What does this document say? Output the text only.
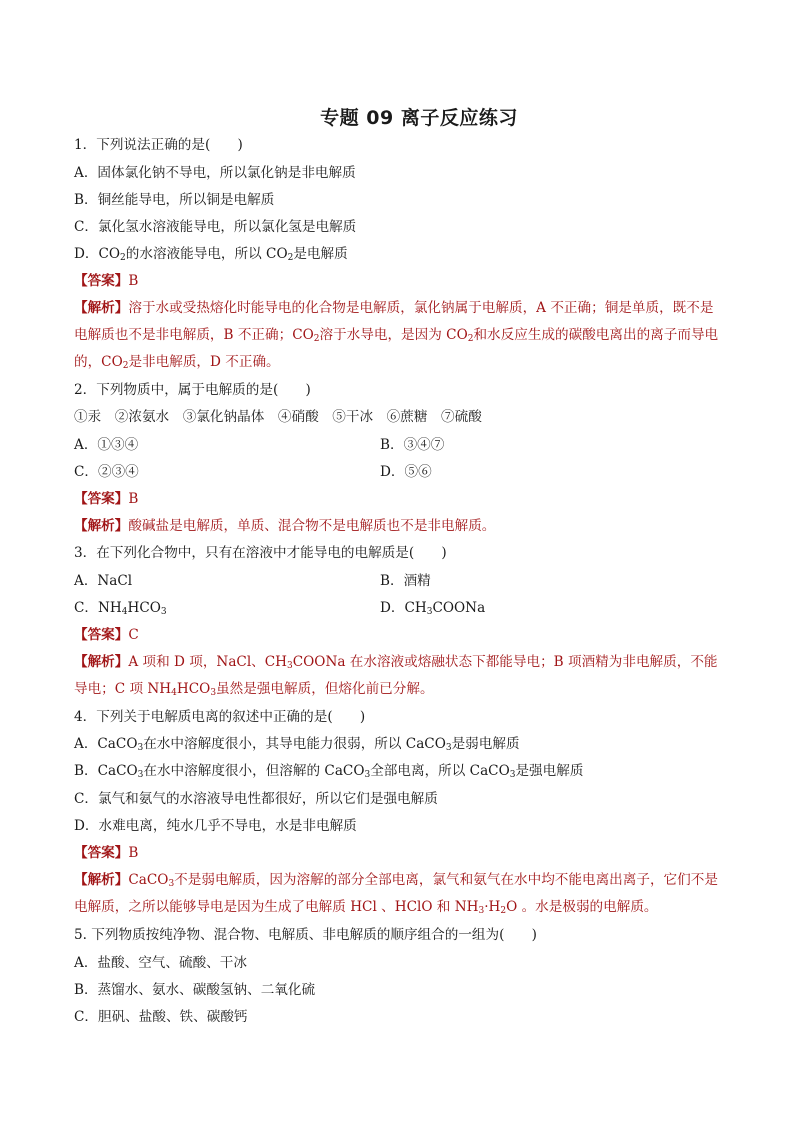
专题 09 离子反应练习
1．下列说法正确的是(　　)
A．固体氯化钠不导电，所以氯化钠是非电解质
B．铜丝能导电，所以铜是电解质
C．氯化氢水溶液能导电，所以氯化氢是电解质
D．$CO_2$的水溶液能导电，所以 $CO_2$是电解质
【答案】B
【解析】溶于水或受热熔化时能导电的化合物是电解质，氯化钠属于电解质，A 不正确；铜是单质，既不是电解质也不是非电解质，B 不正确；$CO_2$溶于水导电，是因为 $CO_2$和水反应生成的碳酸电离出的离子而导电的，$CO_2$是非电解质，D 不正确。
2．下列物质中，属于电解质的是(　　)
①汞　②浓氨水　③氯化钠晶体　④硝酸　⑤干冰　⑥蔗糖　⑦硫酸
A．①③④	B．③④⑦
C．②③④	D．⑤⑥
【答案】B
【解析】酸碱盐是电解质，单质、混合物不是电解质也不是非电解质。
3．在下列化合物中，只有在溶液中才能导电的电解质是(　　)
A．NaCl	B．酒精
C．$NH_4HCO_3$	D．$CH_3COONa$
【答案】C
【解析】A 项和 D 项，NaCl、$CH_3COONa$ 在水溶液或熔融状态下都能导电；B 项酒精为非电解质，不能导电；C 项 $NH_4HCO_3$虽然是强电解质，但熔化前已分解。
4．下列关于电解质电离的叙述中正确的是(　　)
A．CaCO$_3$在水中溶解度很小，其导电能力很弱，所以 CaCO$_3$是弱电解质
B．CaCO$_3$在水中溶解度很小，但溶解的 CaCO$_3$全部电离，所以 CaCO$_3$是强电解质
C．氯气和氨气的水溶液导电性都很好，所以它们是强电解质
D．水难电离，纯水几乎不导电，水是非电解质
【答案】B
【解析】CaCO$_3$不是弱电解质，因为溶解的部分全部电离，氯气和氨气在水中均不能电离出离子，它们不是电解质，之所以能够导电是因为生成了电解质 HCl 、HClO 和 $NH_3\cdot H_2O$ 。水是极弱的电解质。
5. 下列物质按纯净物、混合物、电解质、非电解质的顺序组合的一组为(　　)
A．盐酸、空气、硫酸、干冰
B．蒸馏水、氨水、碳酸氢钠、二氧化硫
C．胆矾、盐酸、铁、碳酸钙
